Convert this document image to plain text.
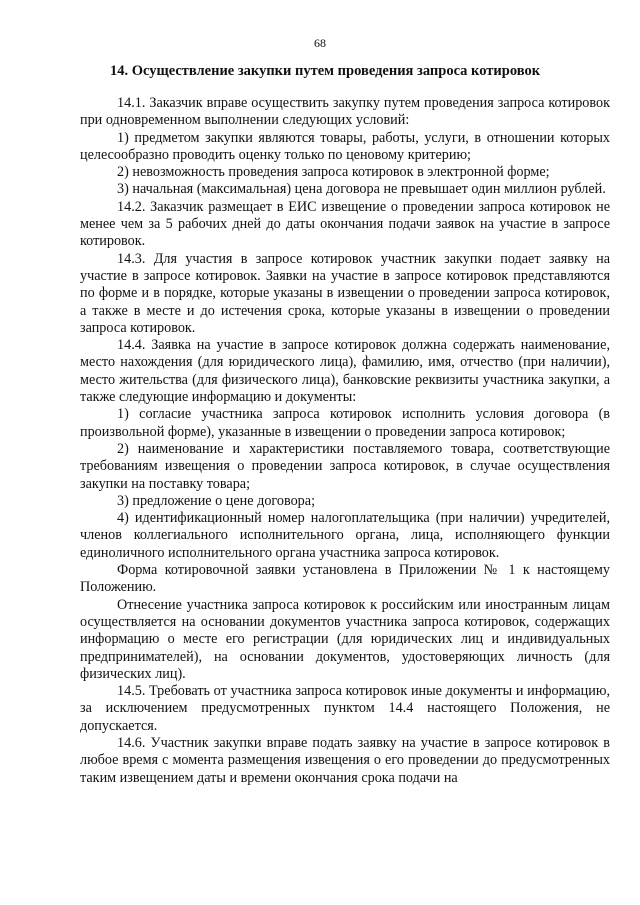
68
14. Осуществление закупки путем проведения запроса котировок

14.1. Заказчик вправе осуществить закупку путем проведения запроса котировок при одновременном выполнении следующих условий:

1) предметом закупки являются товары, работы, услуги, в отношении которых целесообразно проводить оценку только по ценовому критерию;

2) невозможность проведения запроса котировок в электронной форме;

3) начальная (максимальная) цена договора не превышает один миллион рублей.

14.2. Заказчик размещает в ЕИС извещение о проведении запроса котировок не менее чем за 5 рабочих дней до даты окончания подачи заявок на участие в запросе котировок.

14.3. Для участия в запросе котировок участник закупки подает заявку на участие в запросе котировок. Заявки на участие в запросе котировок представляются по форме и в порядке, которые указаны в извещении о проведении запроса котировок, а также в месте и до истечения срока, которые указаны в извещении о проведении запроса котировок.

14.4. Заявка на участие в запросе котировок должна содержать наименование, место нахождения (для юридического лица), фамилию, имя, отчество (при наличии), место жительства (для физического лица), банковские реквизиты участника закупки, а также следующие информацию и документы:

1) согласие участника запроса котировок исполнить условия договора (в произвольной форме), указанные в извещении о проведении запроса котировок;

2) наименование и характеристики поставляемого товара, соответствующие требованиям извещения о проведении запроса котировок, в случае осуществления закупки на поставку товара;

3) предложение о цене договора;

4) идентификационный номер налогоплательщика (при наличии) учредителей, членов коллегиального исполнительного органа, лица, исполняющего функции единоличного исполнительного органа участника запроса котировок.

Форма котировочной заявки установлена в Приложении № 1 к настоящему Положению.

Отнесение участника запроса котировок к российским или иностранным лицам осуществляется на основании документов участника запроса котировок, содержащих информацию о месте его регистрации (для юридических лиц и индивидуальных предпринимателей), на основании документов, удостоверяющих личность (для физических лиц).

14.5. Требовать от участника запроса котировок иные документы и информацию, за исключением предусмотренных пунктом 14.4 настоящего Положения, не допускается.

14.6. Участник закупки вправе подать заявку на участие в запросе котировок в любое время с момента размещения извещения о его проведении до предусмотренных таким извещением даты и времени окончания срока подачи на
